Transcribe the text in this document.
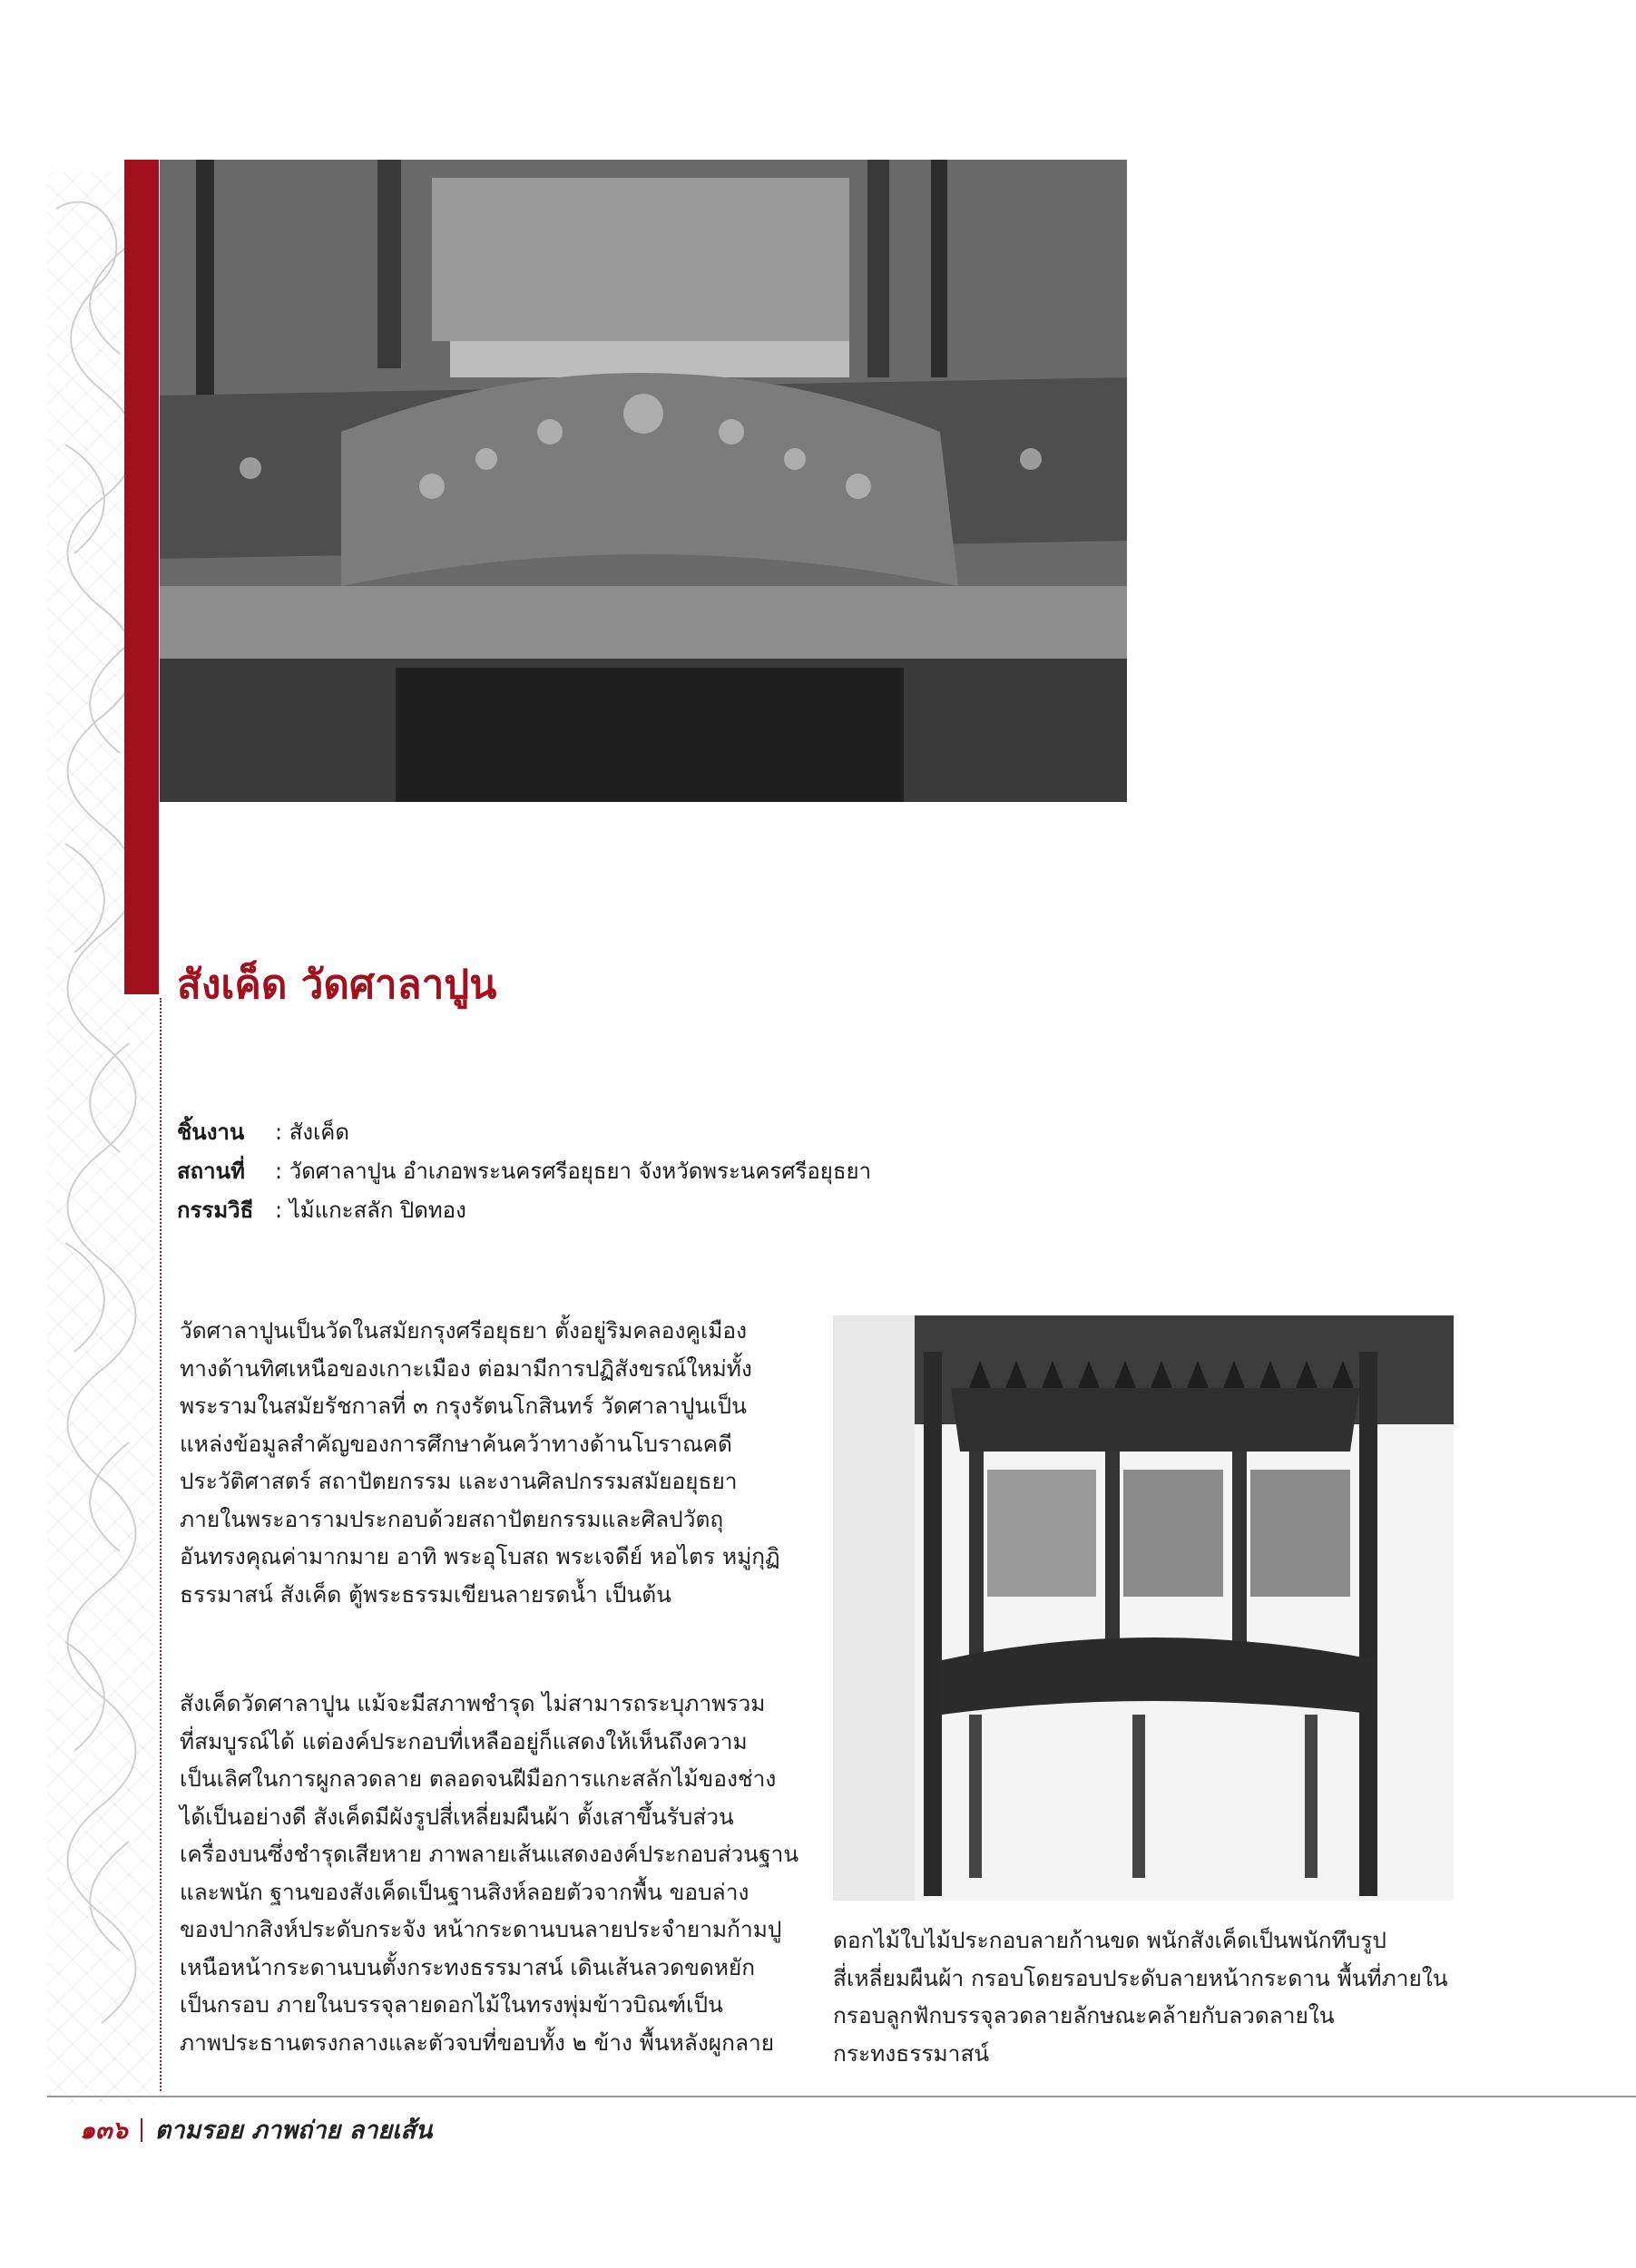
สังเค็ด วัดศาลาปูน
ชิ้นงาน : สังเค็ด
สถานที่ : วัดศาลาปูน อำเภอพระนครศรีอยุธยา จังหวัดพระนครศรีอยุธยา
กรรมวิธี : ไม้แกะสลัก ปิดทอง
วัดศาลาปูนเป็นวัดในสมัยกรุงศรีอยุธยา ตั้งอยู่ริมคลองคูเมือง
ทางด้านทิศเหนือของเกาะเมือง ต่อมามีการปฏิสังขรณ์ใหม่ทั้ง
พระรามในสมัยรัชกาลที่ ๓ กรุงรัตนโกสินทร์ วัดศาลาปูนเป็น
แหล่งข้อมูลสำคัญของการศึกษาค้นคว้าทางด้านโบราณคดี
ประวัติศาสตร์ สถาปัตยกรรม และงานศิลปกรรมสมัยอยุธยา
ภายในพระอารามประกอบด้วยสถาปัตยกรรมและศิลปวัตถุ
อันทรงคุณค่ามากมาย อาทิ พระอุโบสถ พระเจดีย์ หอไตร หมู่กุฏิ
ธรรมาสน์ สังเค็ด ตู้พระธรรมเขียนลายรดน้ำ เป็นต้น
สังเค็ดวัดศาลาปูน แม้จะมีสภาพชำรุด ไม่สามารถระบุภาพรวม
ที่สมบูรณ์ได้ แต่องค์ประกอบที่เหลืออยู่ก็แสดงให้เห็นถึงความ
เป็นเลิศในการผูกลวดลาย ตลอดจนฝีมือการแกะสลักไม้ของช่าง
ได้เป็นอย่างดี สังเค็ดมีผังรูปสี่เหลี่ยมผืนผ้า ตั้งเสาขึ้นรับส่วน
เครื่องบนซึ่งชำรุดเสียหาย ภาพลายเส้นแสดงองค์ประกอบส่วนฐาน
และพนัก ฐานของสังเค็ดเป็นฐานสิงห์ลอยตัวจากพื้น ขอบล่าง
ของปากสิงห์ประดับกระจัง หน้ากระดานบนลายประจำยามก้ามปู
เหนือหน้ากระดานบนตั้งกระทงธรรมาสน์ เดินเส้นลวดขดหยัก
เป็นกรอบ ภายในบรรจุลายดอกไม้ในทรงพุ่มข้าวบิณฑ์เป็น
ภาพประธานตรงกลางและตัวจบที่ขอบทั้ง ๒ ข้าง พื้นหลังผูกลาย
ดอกไม้ใบไม้ประกอบลายก้านขด พนักสังเค็ดเป็นพนักทึบรูป
สี่เหลี่ยมผืนผ้า กรอบโดยรอบประดับลายหน้ากระดาน พื้นที่ภายใน
กรอบลูกฟักบรรจุลวดลายลักษณะคล้ายกับลวดลายใน
กระทงธรรมาสน์
๑๓๖ ตามรอย ภาพถ่าย ลายเส้น
